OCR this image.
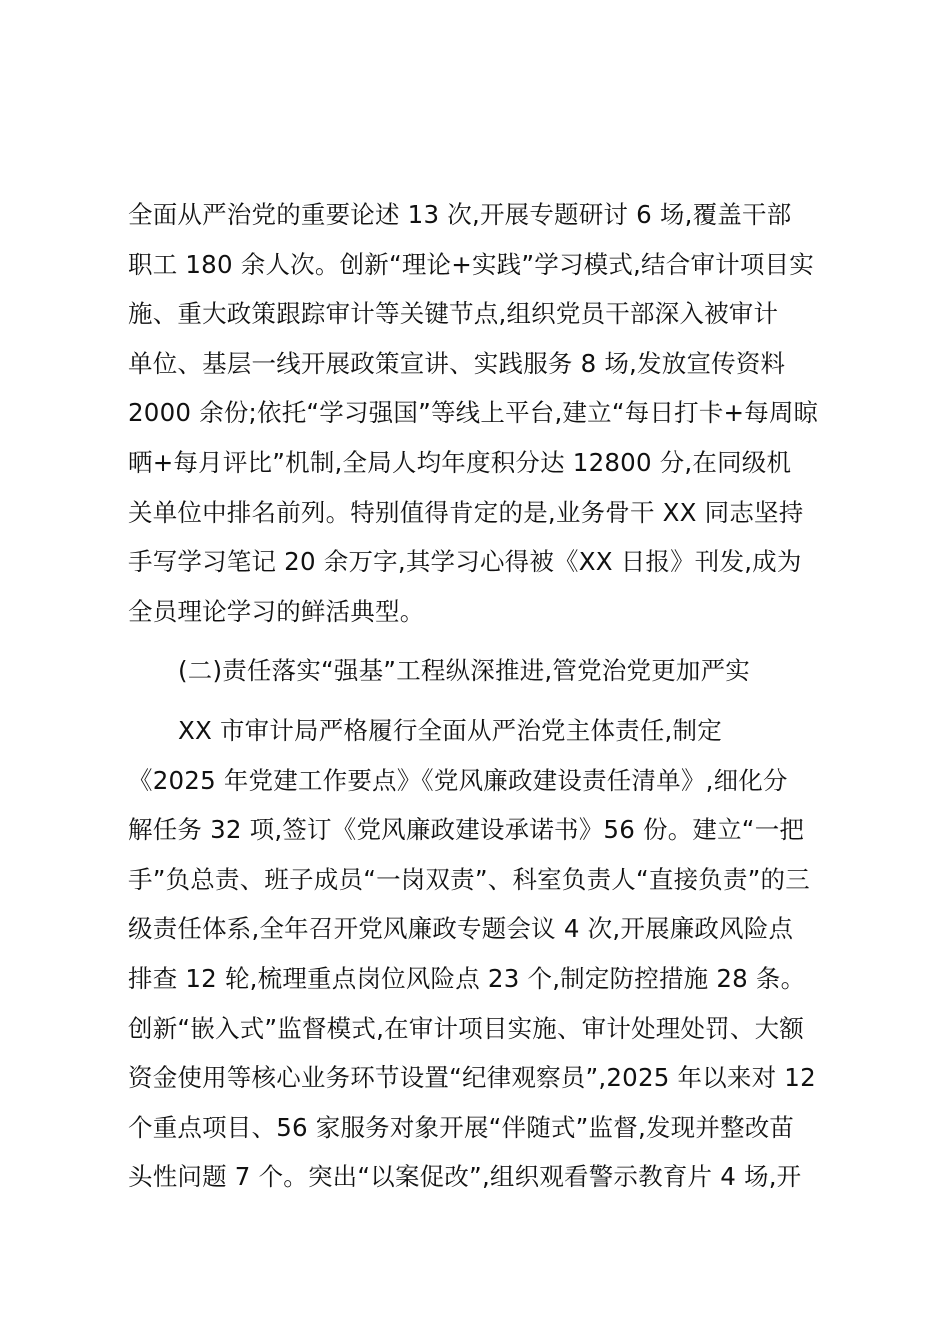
全面从严治党的重要论述 13 次,开展专题研讨 6 场,覆盖干部
职工 180 余人次。创新“理论+实践”学习模式,结合审计项目实
施、重大政策跟踪审计等关键节点,组织党员干部深入被审计
单位、基层一线开展政策宣讲、实践服务 8 场,发放宣传资料
2000 余份;依托“学习强国”等线上平台,建立“每日打卡+每周晾
晒+每月评比”机制,全局人均年度积分达 12800 分,在同级机
关单位中排名前列。特别值得肯定的是,业务骨干 XX 同志坚持
手写学习笔记 20 余万字,其学习心得被《XX 日报》刊发,成为
全员理论学习的鲜活典型。
(二)责任落实“强基”工程纵深推进,管党治党更加严实
XX 市审计局严格履行全面从严治党主体责任,制定
《2025 年党建工作要点》《党风廉政建设责任清单》,细化分
解任务 32 项,签订《党风廉政建设承诺书》56 份。建立“一把
手”负总责、班子成员“一岗双责”、科室负责人“直接负责”的三
级责任体系,全年召开党风廉政专题会议 4 次,开展廉政风险点
排查 12 轮,梳理重点岗位风险点 23 个,制定防控措施 28 条。
创新“嵌入式”监督模式,在审计项目实施、审计处理处罚、大额
资金使用等核心业务环节设置“纪律观察员”,2025 年以来对 12
个重点项目、56 家服务对象开展“伴随式”监督,发现并整改苗
头性问题 7 个。突出“以案促改”,组织观看警示教育片 4 场,开
